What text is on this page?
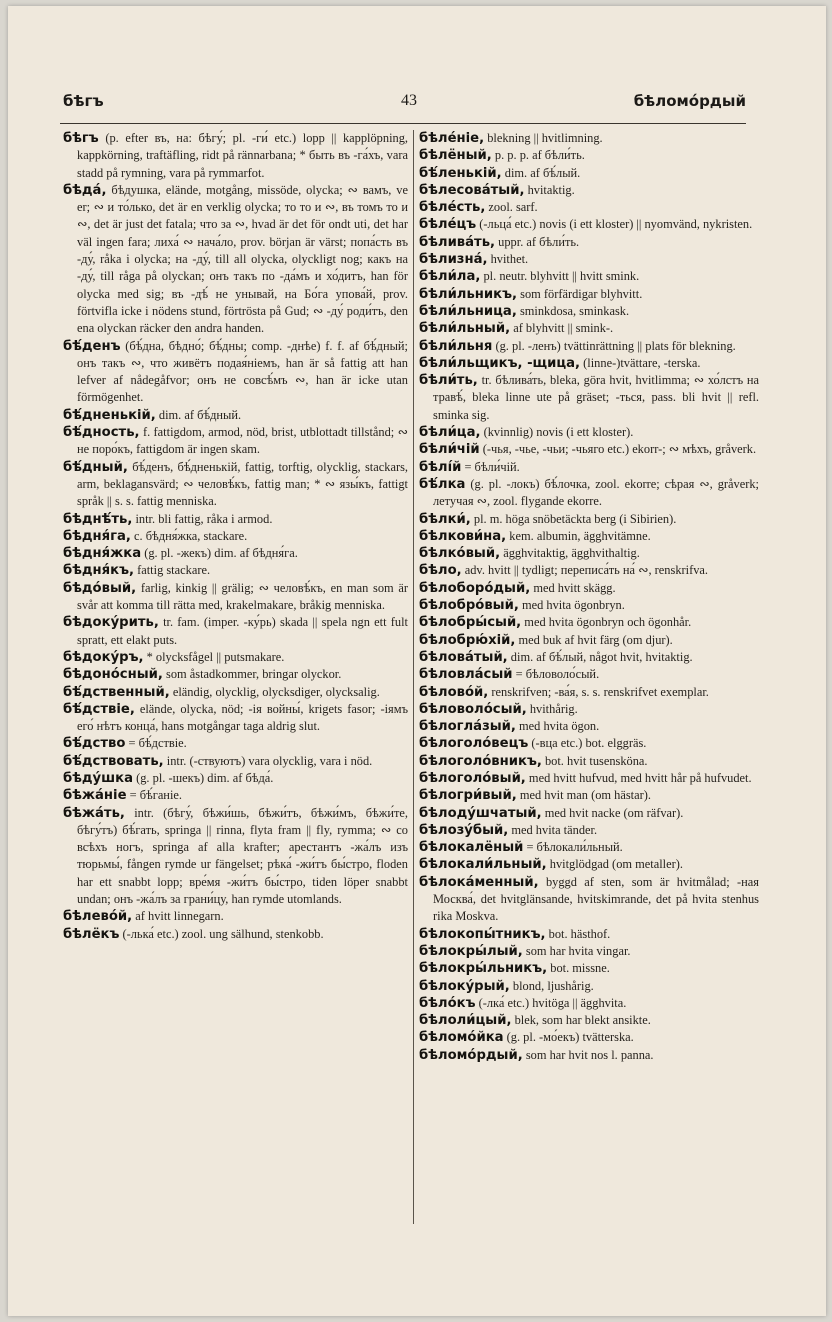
бѣгъ	43	бѣломо́рдый

бѣгъ (p. efter въ, на: бѣгу́; pl. -ги́ etc.) lopp || kapplöpning, kappkörning, traftäfling, ridt på rännarbana; * быть въ -га́хъ, vara stadd på rymning, vara på rymmarfot.

бѣда́, бѣдушка, elände, motgång, missöde, olycka; ∾ вамъ, ve er; ∾ и то́лько, det är en verklig olycka; то то и ∾, въ томъ то и ∾, det är just det fatala; что за ∾, hvad är det för ondt uti, det har väl ingen fara; лиха́ ∾ нача́ло, prov. början är värst; попа́сть въ -ду́, råka i olycka; на -ду́, till all olycka, olyckligt nog; какъ на -ду́, till råga på olyckan; онъ такъ по -да́мъ и хо́дитъ, han för olycka med sig; въ -дѣ́ не унывай, на Бо́га упова́й, prov. förtvifla icke i nödens stund, förtrösta på Gud; ∾ -ду́ роди́тъ, den ena olyckan räcker den andra handen.

бѣ́денъ (бѣ́дна, бѣдно́; бѣ́дны; comp. -днѣе) f. f. af бѣ́дный; онъ такъ ∾, что живётъ подая́ніемъ, han är så fattig att han lefver af nådegåfvor; онъ не совсѣ́мъ ∾, han är icke utan förmögenhet.

бѣ́дненькій, dim. af бѣ́дный.

бѣ́дность, f. fattigdom, armod, nöd, brist, utblottadt tillstånd; ∾ не поро́къ, fattigdom är ingen skam.

бѣ́дный, бѣ́денъ, бѣ́дненькій, fattig, torftig, olycklig, stackars, arm, beklagansvärd; ∾ человѣ́къ, fattig man; * ∾ язы́къ, fattigt språk || s. s. fattig menniska.

бѣднѣ́ть, intr. bli fattig, råka i armod.

бѣдня́га, c. бѣдня́жка, stackare.

бѣдня́жка (g. pl. -жекъ) dim. af бѣдня́га.

бѣдня́къ, fattig stackare.

бѣдо́вый, farlig, kinkig || grälig; ∾ человѣ́къ, en man som är svår att komma till rätta med, krakelmakare, bråkig menniska.

бѣдоку́рить, tr. fam. (imper. -ку́рь) skada || spela ngn ett fult spratt, ett elakt puts.

бѣдоку́ръ, * olycksfågel || putsmakare.

бѣдоно́сный, som åstadkommer, bringar olyckor.

бѣ́дственный, eländig, olycklig, olycksdiger, olycksalig.

бѣ́дствіе, elände, olycka, nöd; -ія войны́, krigets fasor; -іямъ его́ нѣтъ конца́, hans motgångar taga aldrig slut.

бѣ́дство = бѣ́дствіе.

бѣ́дствовать, intr. (-ствуютъ) vara olycklig, vara i nöd.

бѣду́шка (g. pl. -шекъ) dim. af бѣда́.

бѣжа́ніе = бѣ́ганіе.

бѣжа́ть, intr. (бѣгу́, бѣжи́шь, бѣжи́тъ, бѣжи́мъ, бѣжи́те, бѣгу́тъ) бѣ́гать, springa || rinna, flyta fram || fly, rymma; ∾ со всѣхъ ногъ, springa af alla krafter; арестантъ -жа́лъ изъ тюрьмы́, fången rymde ur fängelset; рѣка́ -жи́тъ бы́стро, floden har ett snabbt lopp; вре́мя -жи́тъ бы́стро, tiden löper snabbt undan; онъ -жа́лъ за грани́цу, han rymde utomlands.

бѣлево́й, af hvitt linnegarn.

бѣлёкъ (-лька́ etc.) zool. ung sälhund, stenkobb.

бѣле́ніе, blekning || hvitlimning.

бѣлёный, p. p. p. af бѣли́ть.

бѣ́ленькій, dim. af бѣ́лый.

бѣлесова́тый, hvitaktig.

бѣле́сть, zool. sarf.

бѣле́цъ (-льца́ etc.) novis (i ett kloster) || nyomvänd, nykristen.

бѣлива́ть, uppr. af бѣли́ть.

бѣлизна́, hvithet.

бѣли́ла, pl. neutr. blyhvitt || hvitt smink.

бѣли́льникъ, som förfärdigar blyhvitt.

бѣли́льница, sminkdosa, sminkask.

бѣли́льный, af blyhvitt || smink-.

бѣли́льня (g. pl. -ленъ) tvättinrättning || plats för blekning.

бѣли́льщикъ, -щица, (linne-)tvättare, -terska.

бѣли́ть, tr. бѣлива́ть, bleka, göra hvit, hvitlimma; ∾ хо́лстъ на травѣ́, bleka linne ute på gräset; -ться, pass. bli hvit || refl. sminka sig.

бѣли́ца, (kvinnlig) novis (i ett kloster).

бѣли́чій (-чья, -чье, -чьи; -чьяго etc.) ekorr-; ∾ мѣхъ, gråverk.

бѣлі́й = бѣли́чій.

бѣ́лка (g. pl. -локъ) бѣ́лочка, zool. ekorre; сѣрая ∾, gråverk; летучая ∾, zool. flygande ekorre.

бѣлки́, pl. m. höga snöbetäckta berg (i Sibirien).

бѣлкови́на, kem. albumin, ägghvitämne.

бѣлко́вый, ägghvitaktig, ägghvithaltig.

бѣло, adv. hvitt || tydligt; переписа́ть на́ ∾, renskrifva.

бѣлоборо́дый, med hvitt skägg.

бѣлобро́вый, med hvita ögonbryn.

бѣлобры́сый, med hvita ögonbryn och ögonhår.

бѣлобрю́хій, med buk af hvit färg (om djur).

бѣлова́тый, dim. af бѣ́лый, något hvit, hvitaktig.

бѣловла́сый = бѣловоло́сый.

бѣлово́й, renskrifven; -ва́я, s. s. renskrifvet exemplar.

бѣловоло́сый, hvithårig.

бѣлогла́зый, med hvita ögon.

бѣлоголо́вецъ (-вца etc.) bot. elggräs.

бѣлоголо́вникъ, bot. hvit tusensköna.

бѣлоголо́вый, med hvitt hufvud, med hvitt hår på hufvudet.

бѣлогри́вый, med hvit man (om hästar).

бѣлоду́шчатый, med hvit nacke (om räfvar).

бѣлозу́бый, med hvita tänder.

бѣлокалёный = бѣлокали́льный.

бѣлокали́льный, hvitglödgad (om metaller).

бѣлока́менный, byggd af sten, som är hvitmålad; -ная Москва́, det hvitglänsande, hvitskimrande, det på hvita stenhus rika Moskva.

бѣлокопы́тникъ, bot. hästhof.

бѣлокры́лый, som har hvita vingar.

бѣлокры́льникъ, bot. missne.

бѣлоку́рый, blond, ljushårig.

бѣло́къ (-лка́ etc.) hvitöga || ägghvita.

бѣлоли́цый, blek, som har blekt ansikte.

бѣломо́йка (g. pl. -мо́екъ) tvätterska.

бѣломо́рдый, som har hvit nos l. panna.
